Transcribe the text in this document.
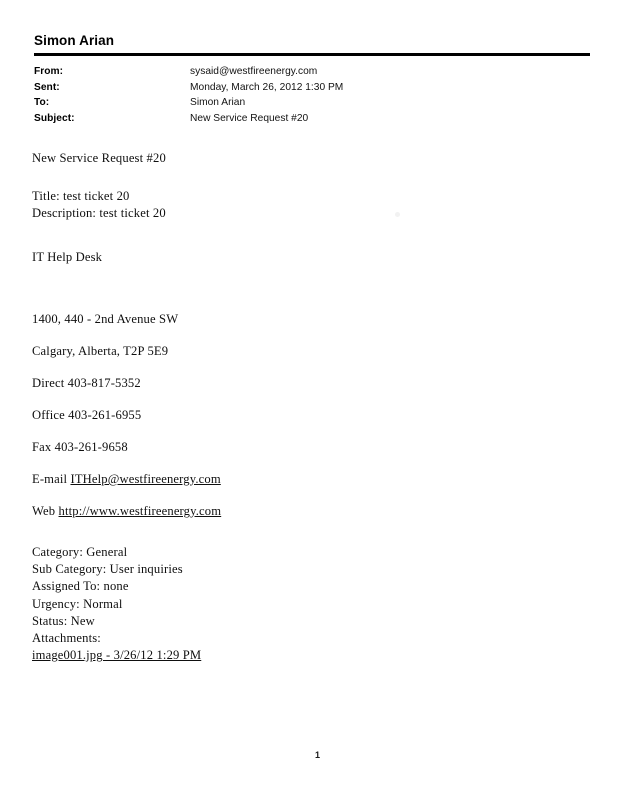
Simon Arian
From:	sysaid@westfireenergy.com
Sent:	Monday, March 26, 2012 1:30 PM
To:	Simon Arian
Subject:	New Service Request #20
New Service Request #20
Title: test ticket 20
Description: test ticket 20
IT Help Desk
1400, 440 - 2nd Avenue SW
Calgary, Alberta, T2P 5E9
Direct 403-817-5352
Office 403-261-6955
Fax 403-261-9658
E-mail ITHelp@westfireenergy.com
Web http://www.westfireenergy.com
Category: General
Sub Category: User inquiries
Assigned To: none
Urgency: Normal
Status: New
Attachments:
image001.jpg - 3/26/12 1:29 PM
1
